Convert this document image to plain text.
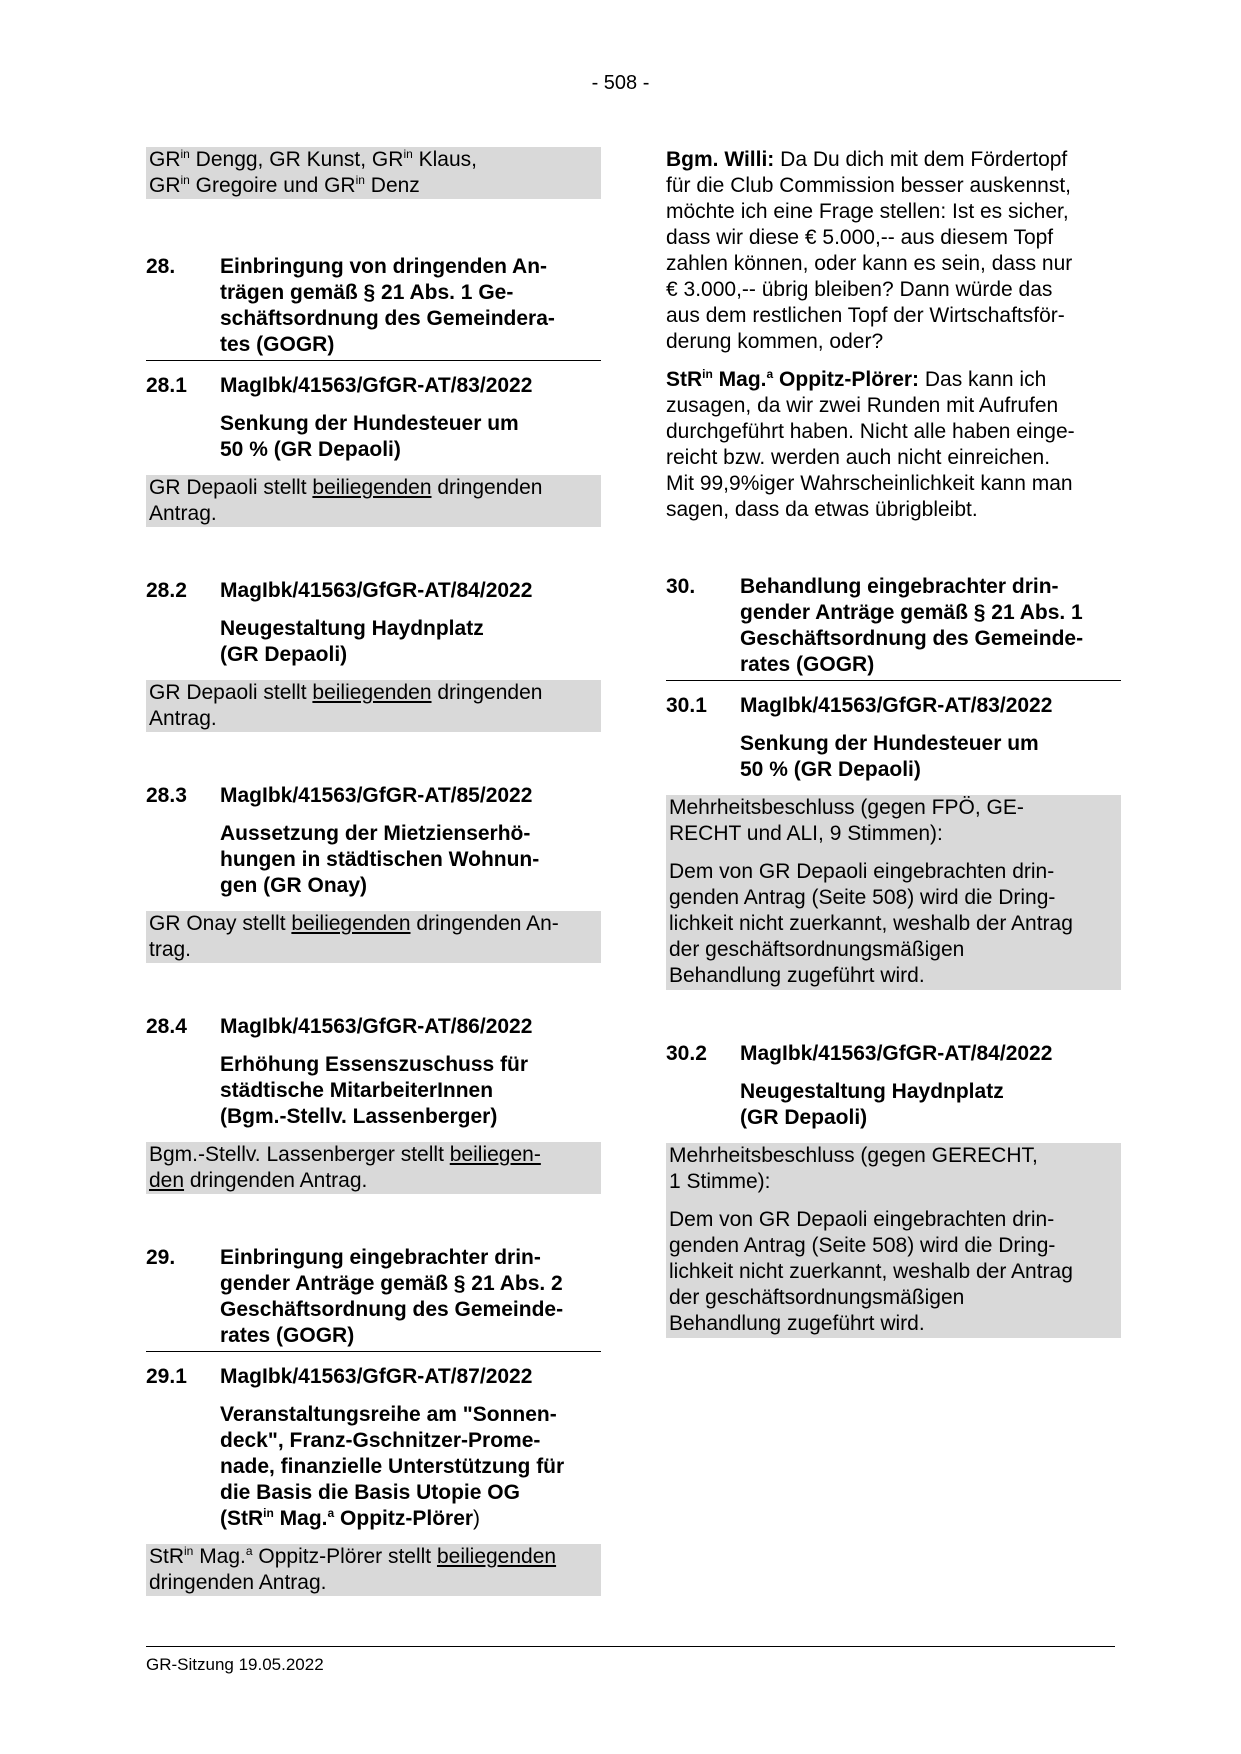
- 508 -
$GR^{in}$ Dengg, GR Kunst, $GR^{in}$ Klaus,
$GR^{in}$ Gregoire und $GR^{in}$ Denz
28.	Einbringung von dringenden An-
trägen gemäß § 21 Abs. 1 Ge-
schäftsordnung des Gemeindera-
tes (GOGR)
28.1	MagIbk/41563/GfGR-AT/83/2022
Senkung der Hundesteuer um
50 % (GR Depaoli)
GR Depaoli stellt beiliegenden dringenden
Antrag.
28.2	MagIbk/41563/GfGR-AT/84/2022
Neugestaltung Haydnplatz
(GR Depaoli)
GR Depaoli stellt beiliegenden dringenden
Antrag.
28.3	MagIbk/41563/GfGR-AT/85/2022
Aussetzung der Mietzienserhö-
hungen in städtischen Wohnun-
gen (GR Onay)
GR Onay stellt beiliegenden dringenden An-
trag.
28.4	MagIbk/41563/GfGR-AT/86/2022
Erhöhung Essenszuschuss für
städtische MitarbeiterInnen
(Bgm.-Stellv. Lassenberger)
Bgm.-Stellv. Lassenberger stellt beiliegen-
den dringenden Antrag.
29.	Einbringung eingebrachter drin-
gender Anträge gemäß § 21 Abs. 2
Geschäftsordnung des Gemeinde-
rates (GOGR)
29.1	MagIbk/41563/GfGR-AT/87/2022
Veranstaltungsreihe am "Sonnen-
deck", Franz-Gschnitzer-Prome-
nade, finanzielle Unterstützung für
die Basis die Basis Utopie OG
(StR$^{in}$ Mag.$^a$ Oppitz-Plörer)
StR$^{in}$ Mag.$^a$ Oppitz-Plörer stellt beiliegenden
dringenden Antrag.

Bgm. Willi: Da Du dich mit dem Fördertopf
für die Club Commission besser auskennst,
möchte ich eine Frage stellen: Ist es sicher,
dass wir diese € 5.000,-- aus diesem Topf
zahlen können, oder kann es sein, dass nur
€ 3.000,-- übrig bleiben? Dann würde das
aus dem restlichen Topf der Wirtschaftsför-
derung kommen, oder?

StR$^{in}$ Mag.$^a$ Oppitz-Plörer: Das kann ich
zusagen, da wir zwei Runden mit Aufrufen
durchgeführt haben. Nicht alle haben einge-
reicht bzw. werden auch nicht einreichen.
Mit 99,9%iger Wahrscheinlichkeit kann man
sagen, dass da etwas übrigbleibt.

30.	Behandlung eingebrachter drin-
gender Anträge gemäß § 21 Abs. 1
Geschäftsordnung des Gemeinde-
rates (GOGR)
30.1	MagIbk/41563/GfGR-AT/83/2022
Senkung der Hundesteuer um
50 % (GR Depaoli)
Mehrheitsbeschluss (gegen FPÖ, GE-
RECHT und ALI, 9 Stimmen):
Dem von GR Depaoli eingebrachten drin-
genden Antrag (Seite 508) wird die Dring-
lichkeit nicht zuerkannt, weshalb der Antrag
der geschäftsordnungsmäßigen
Behandlung zugeführt wird.
30.2	MagIbk/41563/GfGR-AT/84/2022
Neugestaltung Haydnplatz
(GR Depaoli)
Mehrheitsbeschluss (gegen GERECHT,
1 Stimme):
Dem von GR Depaoli eingebrachten drin-
genden Antrag (Seite 508) wird die Dring-
lichkeit nicht zuerkannt, weshalb der Antrag
der geschäftsordnungsmäßigen
Behandlung zugeführt wird.
GR-Sitzung 19.05.2022
